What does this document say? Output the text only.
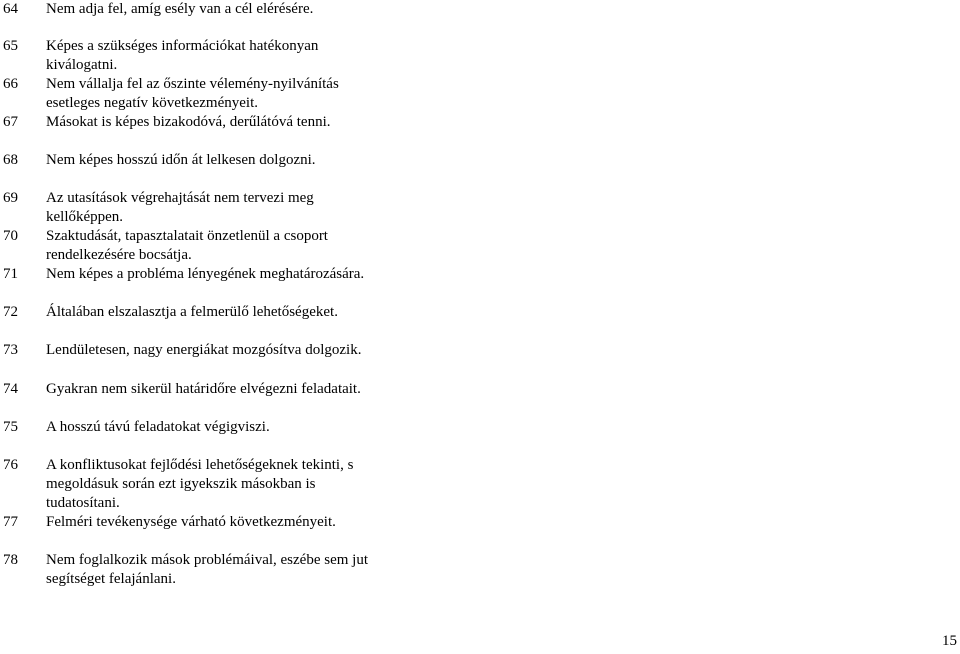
64	Nem adja fel, amíg esély van a cél elérésére.
65	Képes a szükséges információkat hatékonyan
kiválogatni.
66	Nem vállalja fel az őszinte vélemény-nyilvánítás
esetleges negatív következményeit.
67	Másokat is képes bizakodóvá, derűlátóvá tenni.
68	Nem képes hosszú időn át lelkesen dolgozni.
69	Az utasítások végrehajtását nem tervezi meg
kellőképpen.
70	Szaktudását, tapasztalatait önzetlenül a csoport
rendelkezésére bocsátja.
71	Nem képes a probléma lényegének meghatározására.
72	Általában elszalasztja a felmerülő lehetőségeket.
73	Lendületesen, nagy energiákat mozgósítva dolgozik.
74	Gyakran nem sikerül határidőre elvégezni feladatait.
75	A hosszú távú feladatokat végigviszi.
76	A konfliktusokat fejlődési lehetőségeknek tekinti, s
megoldásuk során ezt igyekszik másokban is
tudatosítani.
77	Felméri tevékenysége várható következményeit.
78	Nem foglalkozik mások problémáival, eszébe sem jut
segítséget felajánlani.
15
